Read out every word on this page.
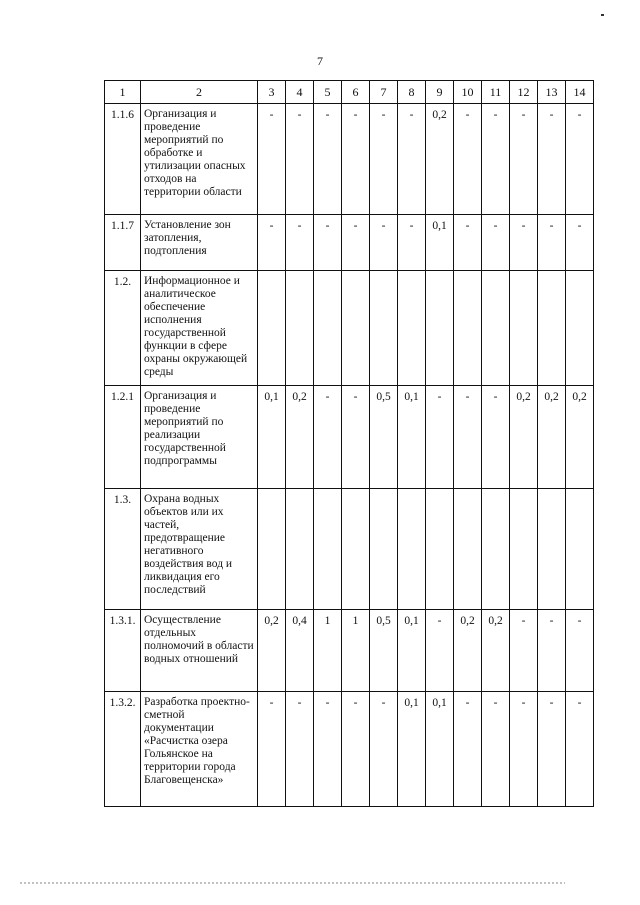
7
1	2	3	4	5	6	7	8	9	10	11	12	13	14
1.1.6	Организация и проведение мероприятий по обработке и утилизации опасных отходов на территории области	-	-	-	-	-	-	0,2	-	-	-	-	-
1.1.7	Установление зон затопления, подтопления	-	-	-	-	-	-	0,1	-	-	-	-	-
1.2.	Информационное и аналитическое обеспечение исполнения государственной функции в сфере охраны окружающей среды												
1.2.1	Организация и проведение мероприятий по реализации государственной подпрограммы	0,1	0,2	-	-	0,5	0,1	-	-	-	0,2	0,2	0,2
1.3.	Охрана водных объектов или их частей, предотвращение негативного воздействия вод и ликвидация его последствий												
1.3.1.	Осуществление отдельных полномочий в области водных отношений	0,2	0,4	1	1	0,5	0,1	-	0,2	0,2	-	-	-
1.3.2.	Разработка проектно-сметной документации «Расчистка озера Гольянское на территории города Благовещенска»	-	-	-	-	-	0,1	0,1	-	-	-	-	-
